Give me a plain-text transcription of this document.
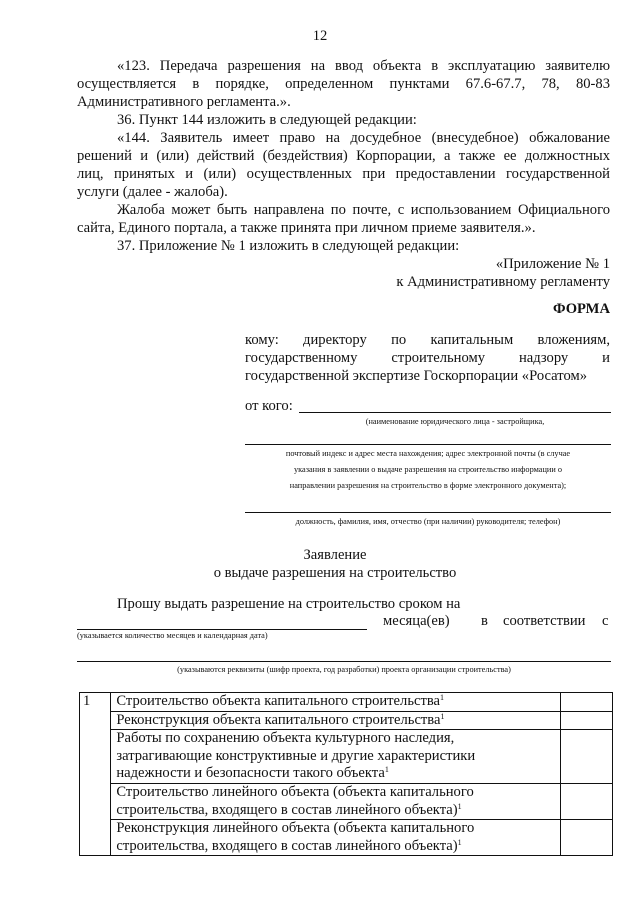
12
«123. Передача разрешения на ввод объекта в эксплуатацию заявителю
осуществляется в порядке, определенном пунктами 67.6-67.7, 78, 80-83
Административного регламента.».
36. Пункт 144 изложить в следующей редакции:
«144. Заявитель имеет право на досудебное (внесудебное) обжалование
решений и (или) действий (бездействия) Корпорации, а также ее должностных
лиц, принятых и (или) осуществленных при предоставлении государственной
услуги (далее - жалоба).
Жалоба может быть направлена по почте, с использованием Официального
сайта, Единого портала, а также принята при личном приеме заявителя.».
37. Приложение № 1 изложить в следующей редакции:
«Приложение № 1
к Административному регламенту
ФОРМА
кому: директору по капитальным вложениям,
государственному строительному надзору и
государственной экспертизе Госкорпорации «Росатом»
от кого:
(наименование юридического лица - застройщика,
почтовый индекс и адрес места нахождения; адрес электронной почты (в случае
указания в заявлении о выдаче разрешения на строительство информации о
направлении разрешения на строительство в форме электронного документа);
должность, фамилия, имя, отчество (при наличии) руководителя; телефон)
Заявление
о выдаче разрешения на строительство
Прошу выдать разрешение на строительство сроком на
месяца(ев) в соответствии с
(указывается количество месяцев и календарная дата)
(указываются реквизиты (шифр проекта, год разработки) проекта организации строительства)
1	Строительство объекта капитального строительства$^1$	
	Реконструкция объекта капитального строительства$^1$	
	Работы по сохранению объекта культурного наследия,
затрагивающие конструктивные и другие характеристики
надежности и безопасности такого объекта$^1$	
	Строительство линейного объекта (объекта капитального
строительства, входящего в состав линейного объекта)$^1$	
	Реконструкция линейного объекта (объекта капитального
строительства, входящего в состав линейного объекта)$^1$	
